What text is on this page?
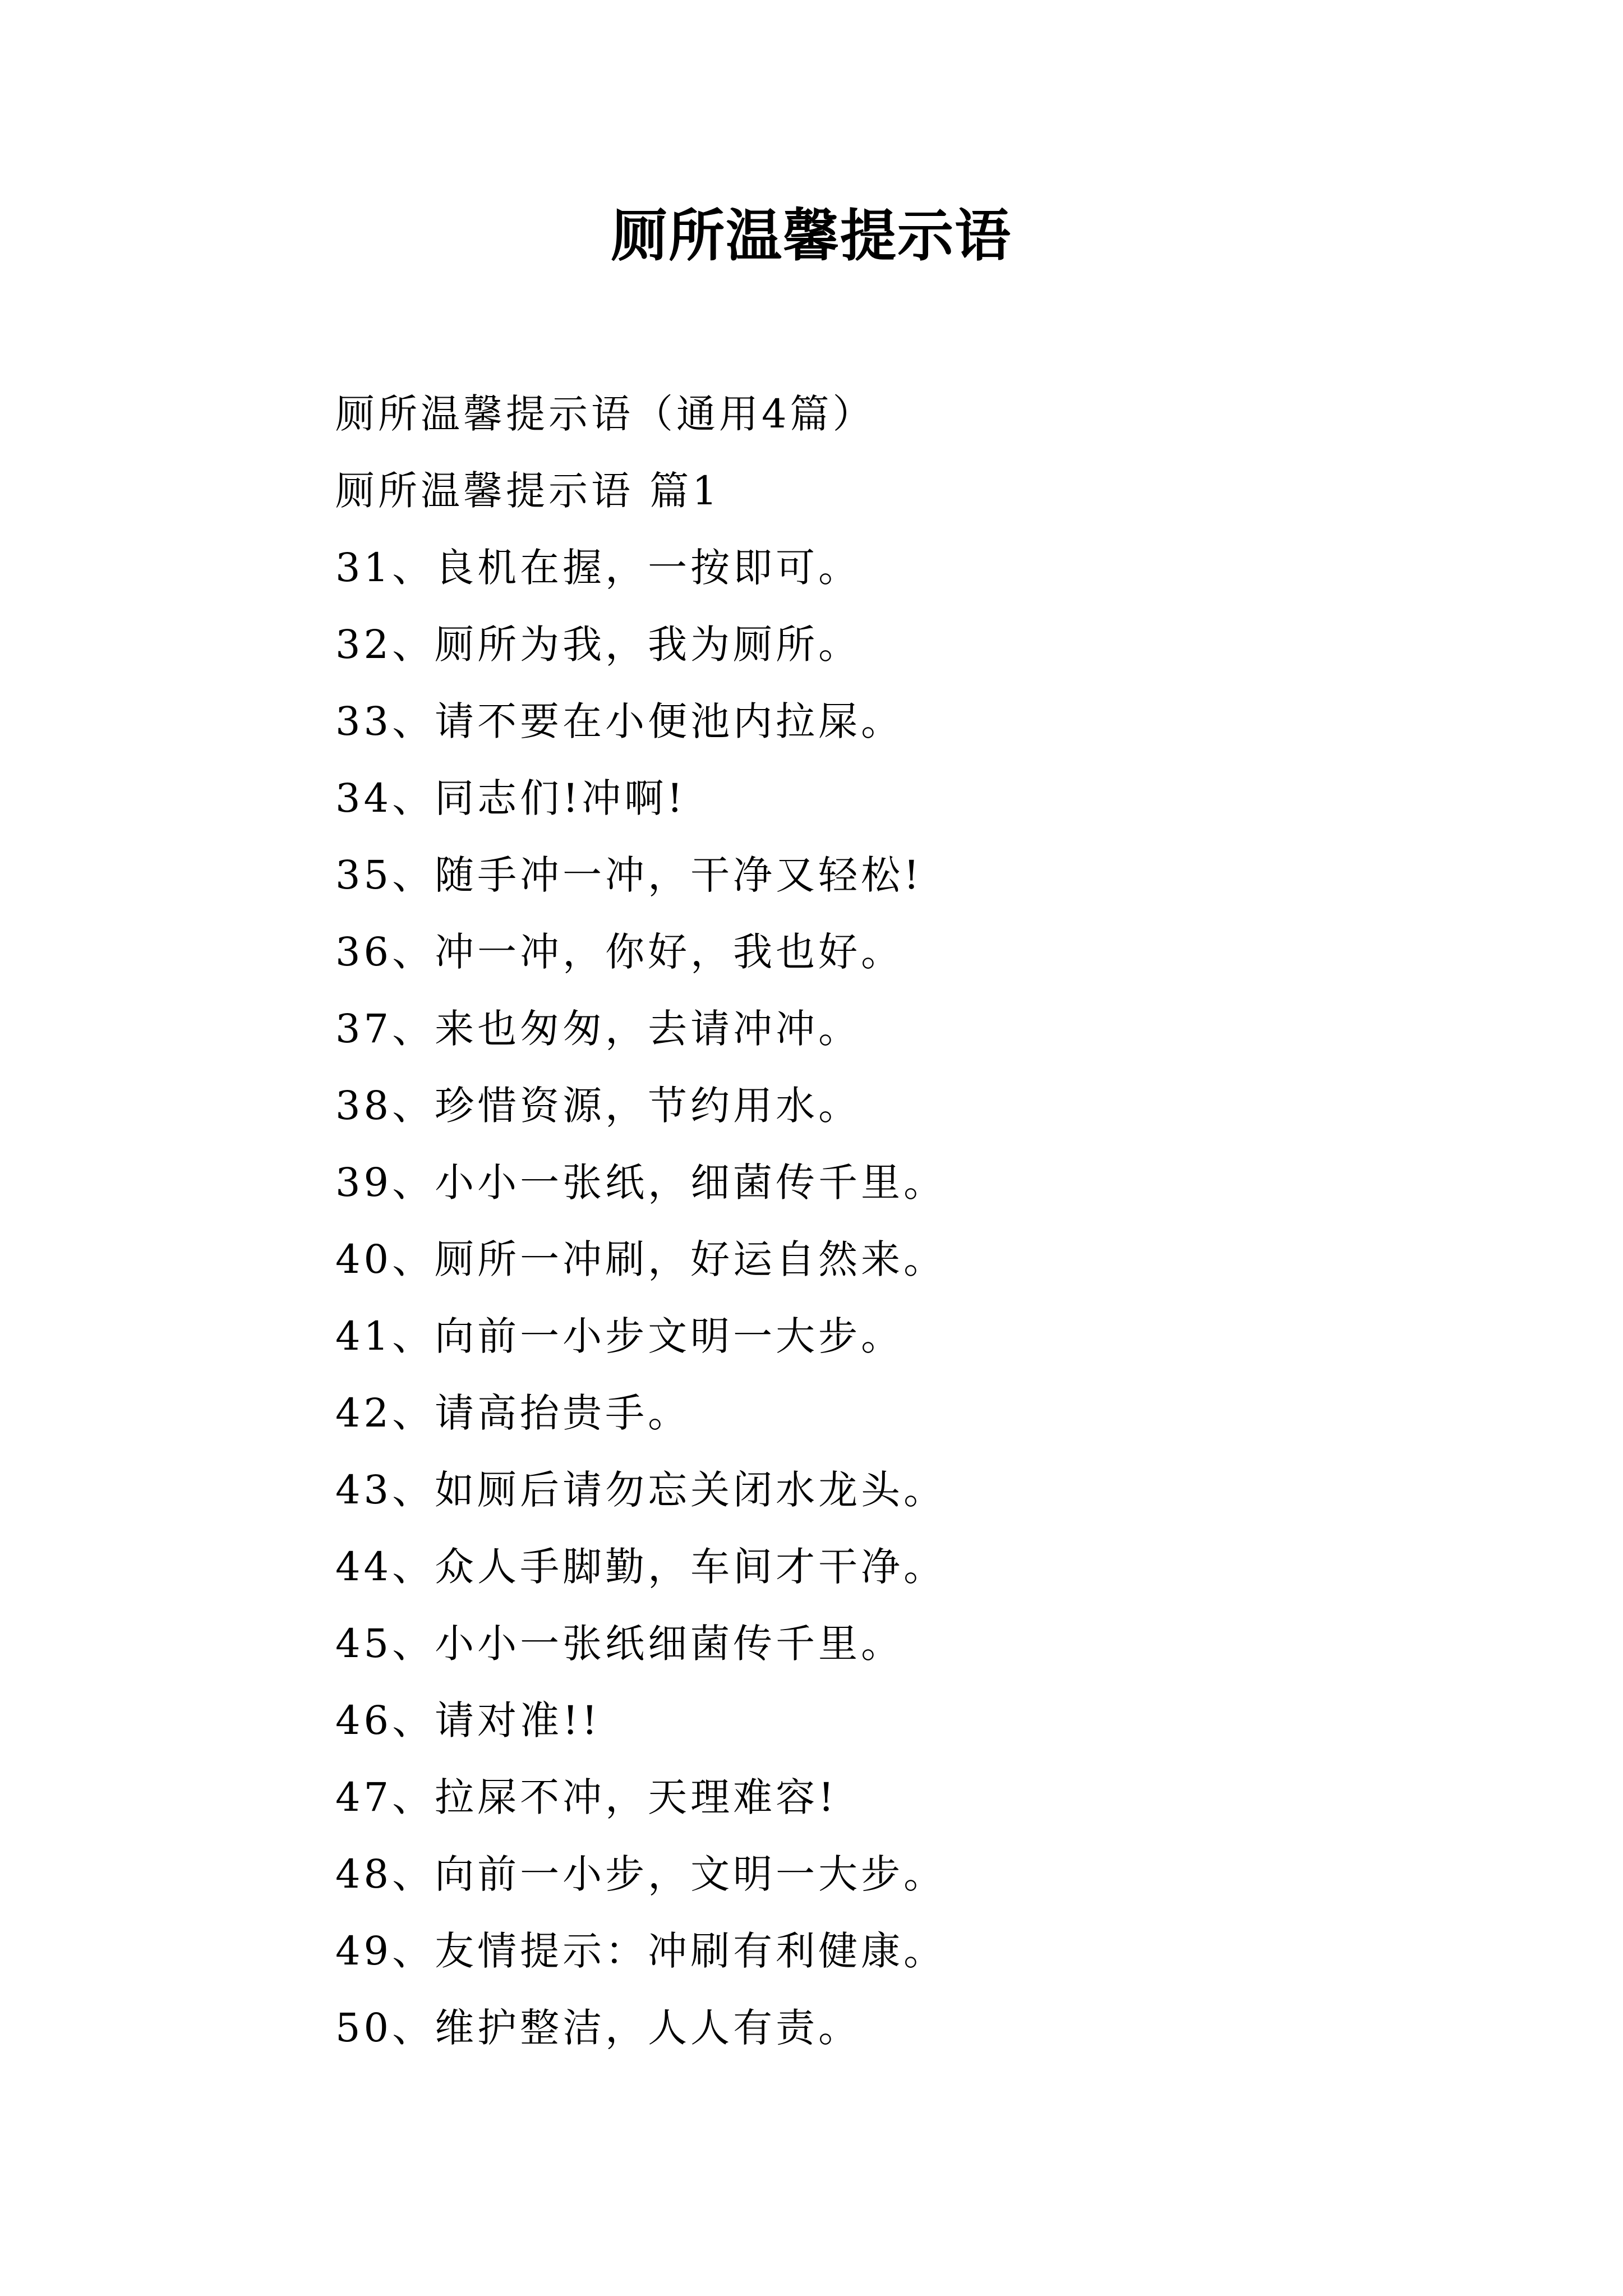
厕所温馨提示语
厕所温馨提示语（通用4篇）
厕所温馨提示语 篇1
31、良机在握，一按即可。
32、厕所为我，我为厕所。
33、请不要在小便池内拉屎。
34、同志们!冲啊!
35、随手冲一冲，干净又轻松!
36、冲一冲，你好，我也好。
37、来也匆匆，去请冲冲。
38、珍惜资源，节约用水。
39、小小一张纸，细菌传千里。
40、厕所一冲刷，好运自然来。
41、向前一小步文明一大步。
42、请高抬贵手。
43、如厕后请勿忘关闭水龙头。
44、众人手脚勤，车间才干净。
45、小小一张纸细菌传千里。
46、请对准!!
47、拉屎不冲，天理难容!
48、向前一小步，文明一大步。
49、友情提示：冲刷有利健康。
50、维护整洁，人人有责。
